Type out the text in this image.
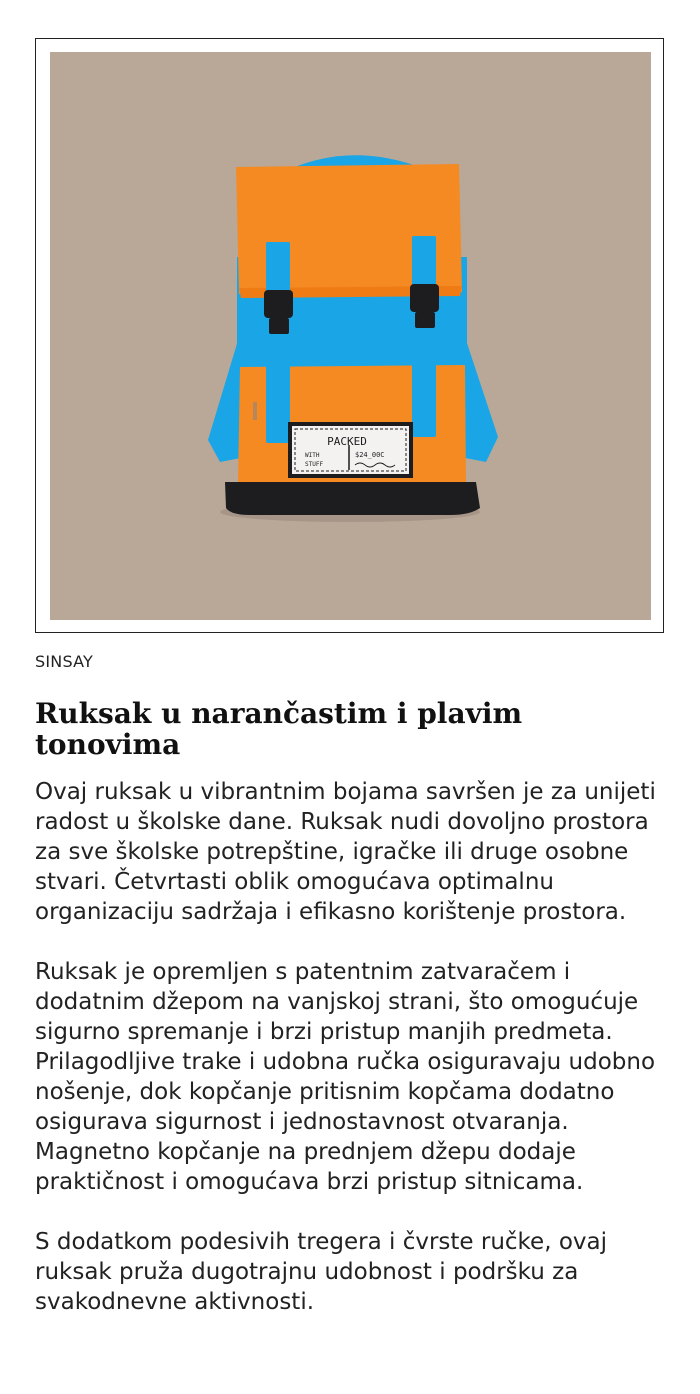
PACKED
WITH
STUFF
$24_00C
SINSAY
Ruksak u narančastim i plavim tonovima

Ovaj ruksak u vibrantnim bojama savršen je za unijeti radost u školske dane. Ruksak nudi dovoljno prostora za sve školske potrepštine, igračke ili druge osobne stvari. Četvrtasti oblik omogućava optimalnu organizaciju sadržaja i efikasno korištenje prostora.

Ruksak je opremljen s patentnim zatvaračem i dodatnim džepom na vanjskoj strani, što omogućuje sigurno spremanje i brzi pristup manjih predmeta. Prilagodljive trake i udobna ručka osiguravaju udobno nošenje, dok kopčanje pritisnim kopčama dodatno osigurava sigurnost i jednostavnost otvaranja. Magnetno kopčanje na prednjem džepu dodaje praktičnost i omogućava brzi pristup sitnicama.

S dodatkom podesivih tregera i čvrste ručke, ovaj ruksak pruža dugotrajnu udobnost i podršku za svakodnevne aktivnosti.
